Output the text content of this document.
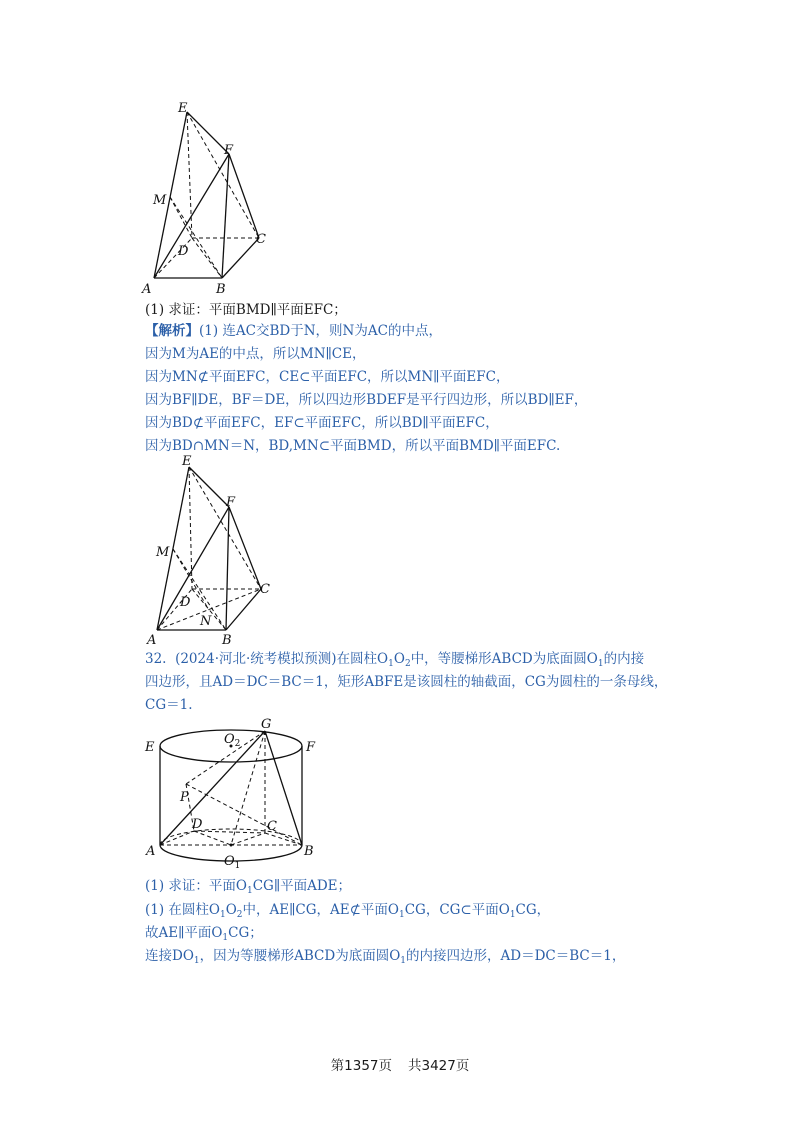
E
F
M
D
C
A	B
(1) 求证：平面BMD∥平面EFC；
【解析】(1) 连AC交BD于N，则N为AC的中点，
因为M为AE的中点，所以MN∥CE，
因为MN⊄平面EFC，CE⊂平面EFC，所以MN∥平面EFC，
因为BF∥DE，BF＝DE，所以四边形BDEF是平行四边形，所以BD∥EF，
因为BD⊄平面EFC，EF⊂平面EFC，所以BD∥平面EFC，
因为BD∩MN＝N，BD,MN⊂平面BMD，所以平面BMD∥平面EFC.
E
F
M
D
C
A
N
B
32. (2024·河北·统考模拟预测)在圆柱$O_1O_2$中，等腰梯形ABCD为底面圆$O_1$的内接
四边形，且AD＝DC＝BC＝1，矩形ABFE是该圆柱的轴截面，CG为圆柱的一条母线，
CG＝1.
E	F
G
$O_2$
P
D	C
A	B
$O_1$
(1) 求证：平面$O_1CG\parallel$平面ADE；
(1) 在圆柱$O_1O_2$中，AE∥CG，AE⊄平面$O_1CG$，CG⊂平面$O_1CG$，
故AE∥平面$O_1CG$；
连接$DO_1$，因为等腰梯形ABCD为底面圆$O_1$的内接四边形，AD＝DC＝BC＝1，
第1357页 共3427页
